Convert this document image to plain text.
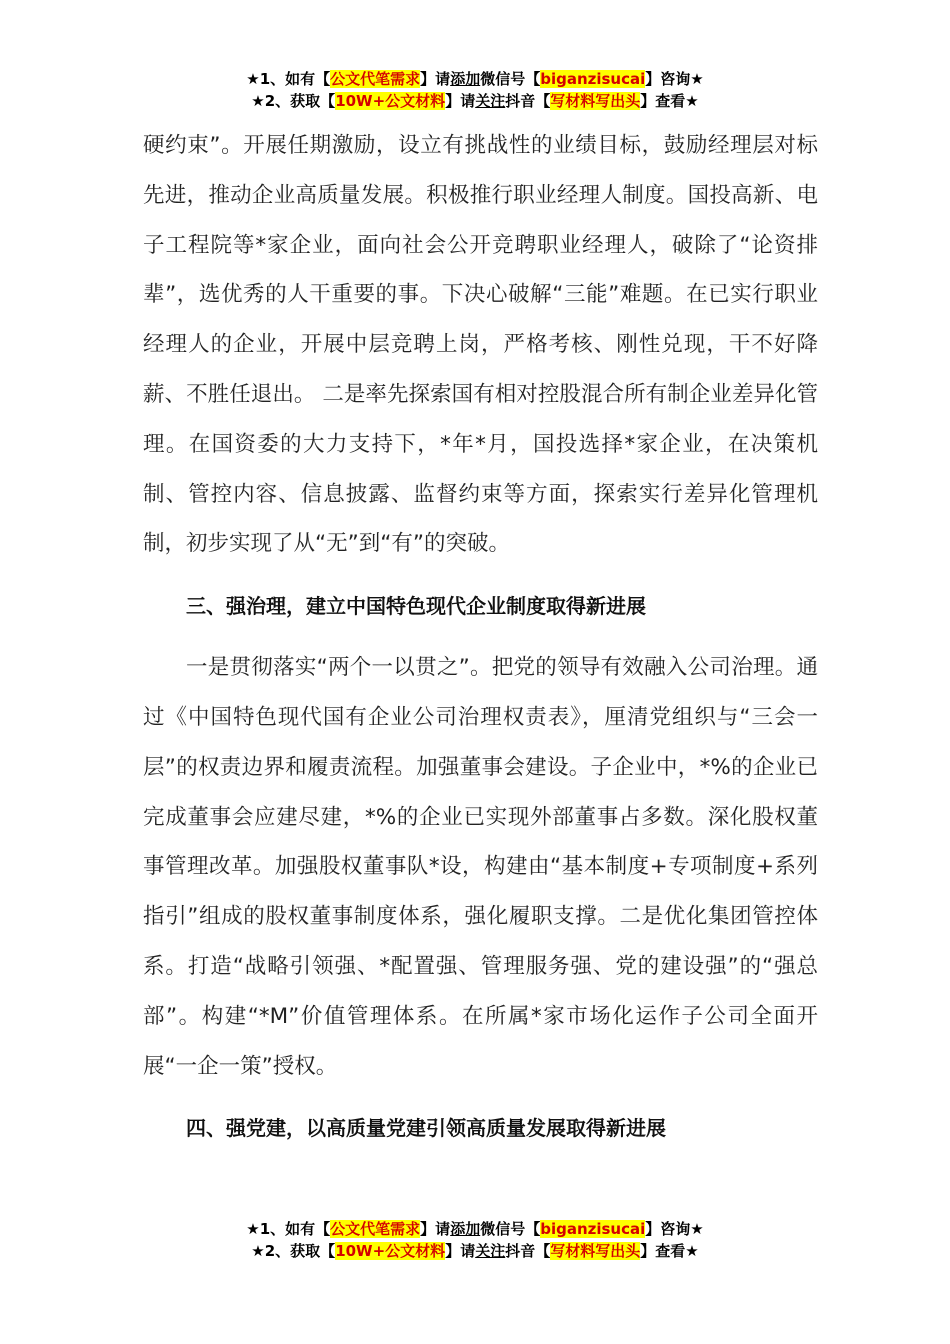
★1、如有【公文代笔需求】请添加微信号【biganzisucai】咨询★
★2、获取【10W+公文材料】请关注抖音【写材料写出头】查看★

硬约束”。开展任期激励，设立有挑战性的业绩目标，鼓励经理层对标先进，推动企业高质量发展。积极推行职业经理人制度。国投高新、电子工程院等*家企业，面向社会公开竞聘职业经理人，破除了“论资排辈”，选优秀的人干重要的事。下决心破解“三能”难题。在已实行职业经理人的企业，开展中层竞聘上岗，严格考核、刚性兑现，干不好降薪、不胜任退出。 二是率先探索国有相对控股混合所有制企业差异化管理。在国资委的大力支持下，*年*月，国投选择*家企业，在决策机制、管控内容、信息披露、监督约束等方面，探索实行差异化管理机制，初步实现了从“无”到“有”的突破。

三、强治理，建立中国特色现代企业制度取得新进展

一是贯彻落实“两个一以贯之”。把党的领导有效融入公司治理。通过《中国特色现代国有企业公司治理权责表》，厘清党组织与“三会一层”的权责边界和履责流程。加强董事会建设。子企业中，*%的企业已完成董事会应建尽建，*%的企业已实现外部董事占多数。深化股权董事管理改革。加强股权董事队*设，构建由“基本制度+专项制度+系列指引”组成的股权董事制度体系，强化履职支撑。二是优化集团管控体系。打造“战略引领强、*配置强、管理服务强、党的建设强”的“强总部”。构建“*M”价值管理体系。在所属*家市场化运作子公司全面开展“一企一策”授权。

四、强党建，以高质量党建引领高质量发展取得新进展
★1、如有【公文代笔需求】请添加微信号【biganzisucai】咨询★
★2、获取【10W+公文材料】请关注抖音【写材料写出头】查看★
